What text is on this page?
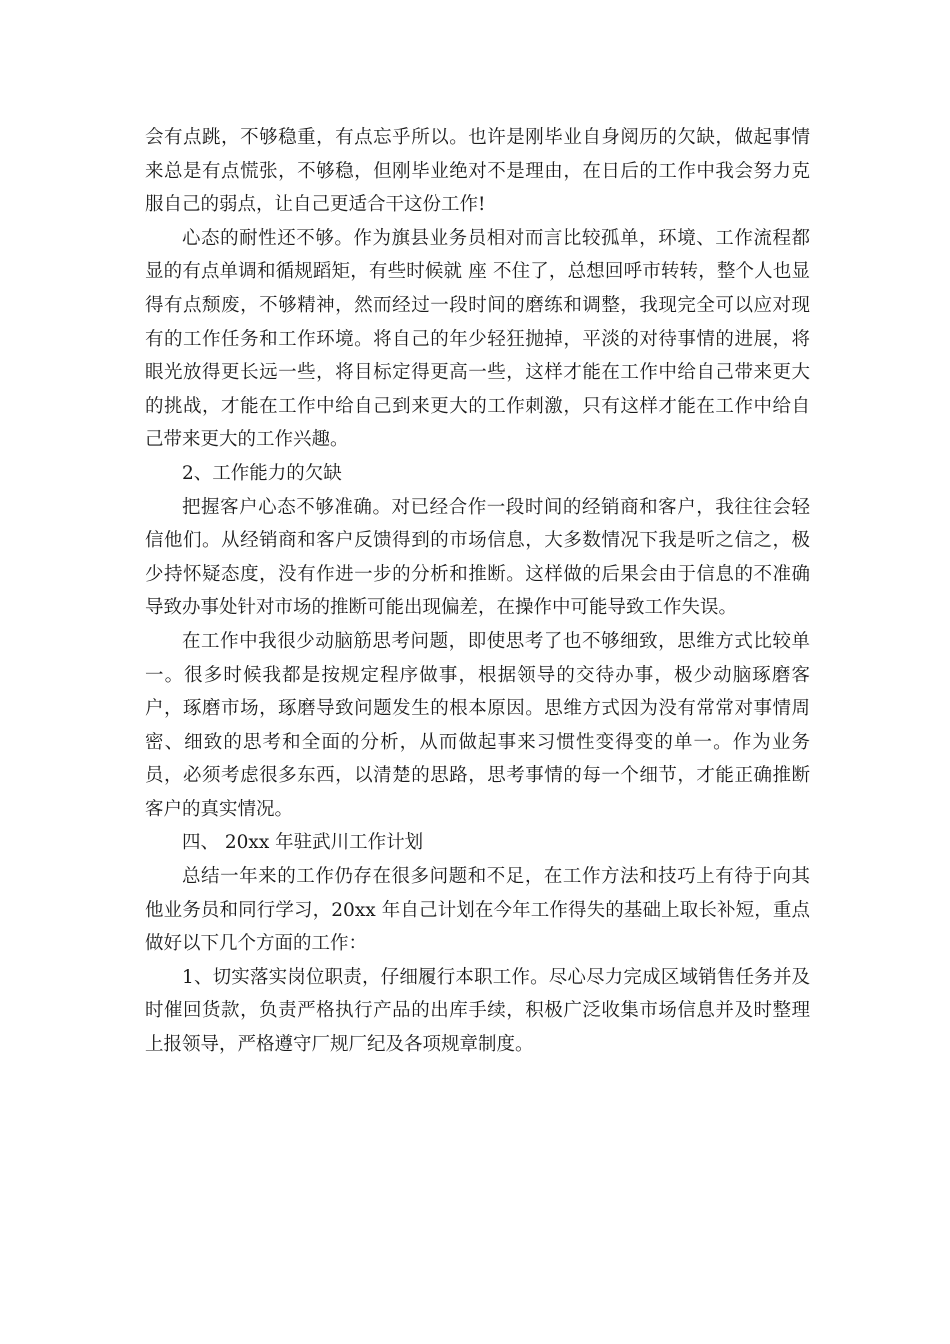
会有点跳，不够稳重，有点忘乎所以。也许是刚毕业自身阅历的欠缺，做起事情来总是有点慌张，不够稳，但刚毕业绝对不是理由，在日后的工作中我会努力克服自己的弱点，让自己更适合干这份工作!

心态的耐性还不够。作为旗县业务员相对而言比较孤单，环境、工作流程都显的有点单调和循规蹈矩，有些时候就 座 不住了，总想回呼市转转，整个人也显得有点颓废，不够精神，然而经过一段时间的磨练和调整，我现完全可以应对现有的工作任务和工作环境。将自己的年少轻狂抛掉，平淡的对待事情的进展，将眼光放得更长远一些，将目标定得更高一些，这样才能在工作中给自己带来更大的挑战，才能在工作中给自己到来更大的工作刺激，只有这样才能在工作中给自己带来更大的工作兴趣。

2、工作能力的欠缺

把握客户心态不够准确。对已经合作一段时间的经销商和客户，我往往会轻信他们。从经销商和客户反馈得到的市场信息，大多数情况下我是听之信之，极少持怀疑态度，没有作进一步的分析和推断。这样做的后果会由于信息的不准确导致办事处针对市场的推断可能出现偏差，在操作中可能导致工作失误。

在工作中我很少动脑筋思考问题，即使思考了也不够细致，思维方式比较单一。很多时候我都是按规定程序做事，根据领导的交待办事，极少动脑琢磨客户，琢磨市场，琢磨导致问题发生的根本原因。思维方式因为没有常常对事情周密、细致的思考和全面的分析，从而做起事来习惯性变得变的单一。作为业务员，必须考虑很多东西，以清楚的思路，思考事情的每一个细节，才能正确推断客户的真实情况。

四、 20xx 年驻武川工作计划

总结一年来的工作仍存在很多问题和不足，在工作方法和技巧上有待于向其他业务员和同行学习，20xx 年自己计划在今年工作得失的基础上取长补短，重点做好以下几个方面的工作：

1、切实落实岗位职责，仔细履行本职工作。尽心尽力完成区域销售任务并及时催回货款，负责严格执行产品的出库手续，积极广泛收集市场信息并及时整理上报领导，严格遵守厂规厂纪及各项规章制度。
